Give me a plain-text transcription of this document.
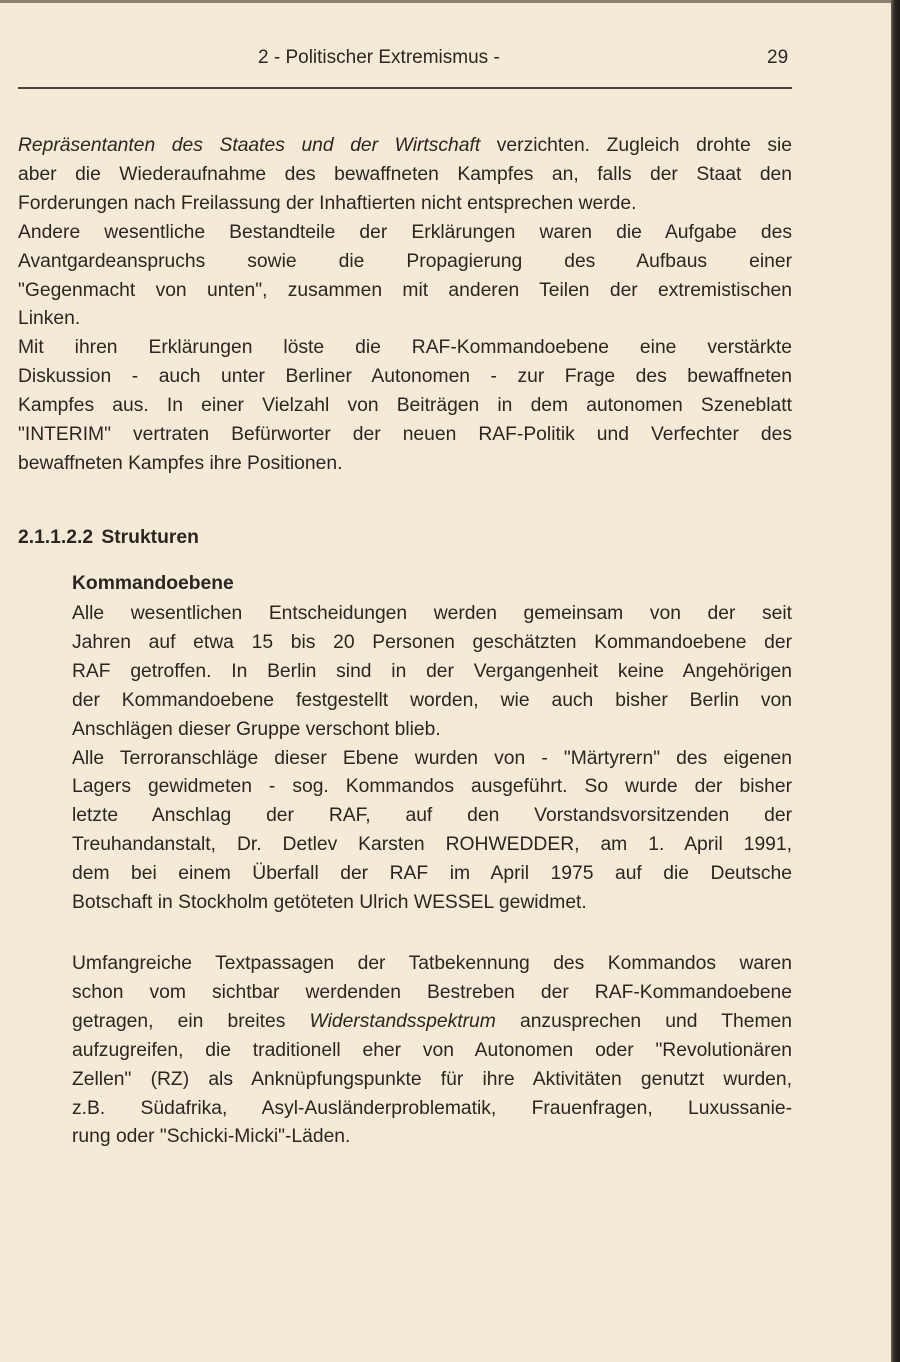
2 - Politischer Extremismus -	29
Repräsentanten des Staates und der Wirtschaft verzichten. Zugleich drohte sie
aber die Wiederaufnahme des bewaffneten Kampfes an, falls der Staat den
Forderungen nach Freilassung der Inhaftierten nicht entsprechen werde.
Andere wesentliche Bestandteile der Erklärungen waren die Aufgabe des
Avantgardeanspruchs sowie die Propagierung des Aufbaus einer
"Gegenmacht von unten", zusammen mit anderen Teilen der extremistischen
Linken.
Mit ihren Erklärungen löste die RAF-Kommandoebene eine verstärkte
Diskussion - auch unter Berliner Autonomen - zur Frage des bewaffneten
Kampfes aus. In einer Vielzahl von Beiträgen in dem autonomen Szeneblatt
"INTERIM" vertraten Befürworter der neuen RAF-Politik und Verfechter des
bewaffneten Kampfes ihre Positionen.
2.1.1.2.2 Strukturen
Kommandoebene
Alle wesentlichen Entscheidungen werden gemeinsam von der seit
Jahren auf etwa 15 bis 20 Personen geschätzten Kommandoebene der
RAF getroffen. In Berlin sind in der Vergangenheit keine Angehörigen
der Kommandoebene festgestellt worden, wie auch bisher Berlin von
Anschlägen dieser Gruppe verschont blieb.
Alle Terroranschläge dieser Ebene wurden von - "Märtyrern" des eigenen
Lagers gewidmeten - sog. Kommandos ausgeführt. So wurde der bisher
letzte Anschlag der RAF, auf den Vorstandsvorsitzenden der
Treuhandanstalt, Dr. Detlev Karsten ROHWEDDER, am 1. April 1991,
dem bei einem Überfall der RAF im April 1975 auf die Deutsche
Botschaft in Stockholm getöteten Ulrich WESSEL gewidmet.
Umfangreiche Textpassagen der Tatbekennung des Kommandos waren
schon vom sichtbar werdenden Bestreben der RAF-Kommandoebene
getragen, ein breites Widerstandsspektrum anzusprechen und Themen
aufzugreifen, die traditionell eher von Autonomen oder "Revolutionären
Zellen" (RZ) als Anknüpfungspunkte für ihre Aktivitäten genutzt wurden,
z.B. Südafrika, Asyl-Ausländerproblematik, Frauenfragen, Luxussanie-
rung oder "Schicki-Micki"-Läden.
